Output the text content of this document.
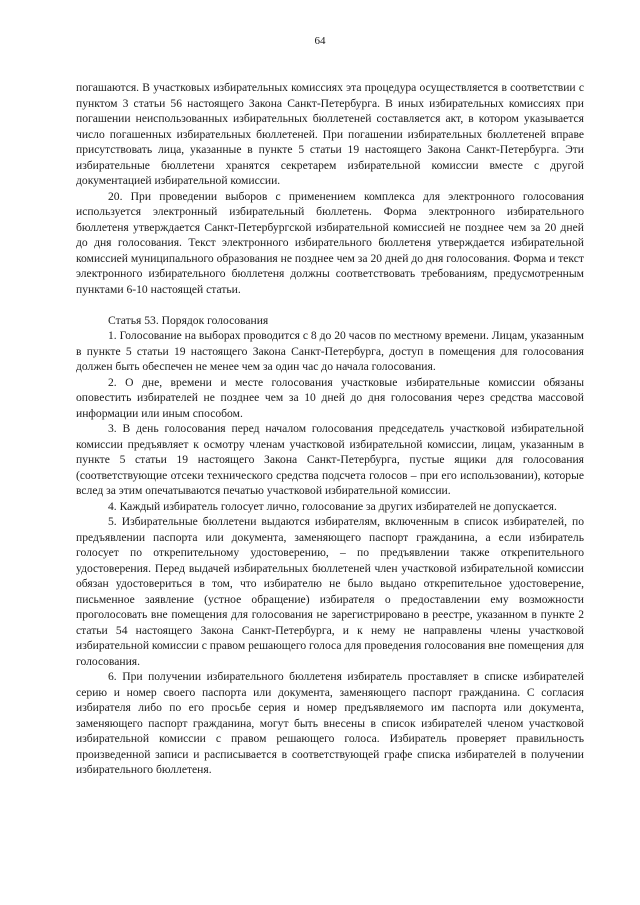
64

погашаются. В участковых избирательных комиссиях эта процедура осуществляется в соответствии с пунктом 3 статьи 56 настоящего Закона Санкт-Петербурга. В иных избирательных комиссиях при погашении неиспользованных избирательных бюллетеней составляется акт, в котором указывается число погашенных избирательных бюллетеней. При погашении избирательных бюллетеней вправе присутствовать лица, указанные в пункте 5 статьи 19 настоящего Закона Санкт-Петербурга. Эти избирательные бюллетени хранятся секретарем избирательной комиссии вместе с другой документацией избирательной комиссии.

20. При проведении выборов с применением комплекса для электронного голосования используется электронный избирательный бюллетень. Форма электронного избирательного бюллетеня утверждается Санкт-Петербургской избирательной комиссией не позднее чем за 20 дней до дня голосования. Текст электронного избирательного бюллетеня утверждается избирательной комиссией муниципального образования не позднее чем за 20 дней до дня голосования. Форма и текст электронного избирательного бюллетеня должны соответствовать требованиям, предусмотренным пунктами 6-10 настоящей статьи.

Статья 53. Порядок голосования

1. Голосование на выборах проводится с 8 до 20 часов по местному времени. Лицам, указанным в пункте 5 статьи 19 настоящего Закона Санкт-Петербурга, доступ в помещения для голосования должен быть обеспечен не менее чем за один час до начала голосования.

2. О дне, времени и месте голосования участковые избирательные комиссии обязаны оповестить избирателей не позднее чем за 10 дней до дня голосования через средства массовой информации или иным способом.

3. В день голосования перед началом голосования председатель участковой избирательной комиссии предъявляет к осмотру членам участковой избирательной комиссии, лицам, указанным в пункте 5 статьи 19 настоящего Закона Санкт-Петербурга, пустые ящики для голосования (соответствующие отсеки технического средства подсчета голосов – при его использовании), которые вслед за этим опечатываются печатью участковой избирательной комиссии.

4. Каждый избиратель голосует лично, голосование за других избирателей не допускается.

5. Избирательные бюллетени выдаются избирателям, включенным в список избирателей, по предъявлении паспорта или документа, заменяющего паспорт гражданина, а если избиратель голосует по открепительному удостоверению, – по предъявлении также открепительного удостоверения. Перед выдачей избирательных бюллетеней член участковой избирательной комиссии обязан удостовериться в том, что избирателю не было выдано открепительное удостоверение, письменное заявление (устное обращение) избирателя о предоставлении ему возможности проголосовать вне помещения для голосования не зарегистрировано в реестре, указанном в пункте 2 статьи 54 настоящего Закона Санкт-Петербурга, и к нему не направлены члены участковой избирательной комиссии с правом решающего голоса для проведения голосования вне помещения для голосования.

6. При получении избирательного бюллетеня избиратель проставляет в списке избирателей серию и номер своего паспорта или документа, заменяющего паспорт гражданина. С согласия избирателя либо по его просьбе серия и номер предъявляемого им паспорта или документа, заменяющего паспорт гражданина, могут быть внесены в список избирателей членом участковой избирательной комиссии с правом решающего голоса. Избиратель проверяет правильность произведенной записи и расписывается в соответствующей графе списка избирателей в получении избирательного бюллетеня.
